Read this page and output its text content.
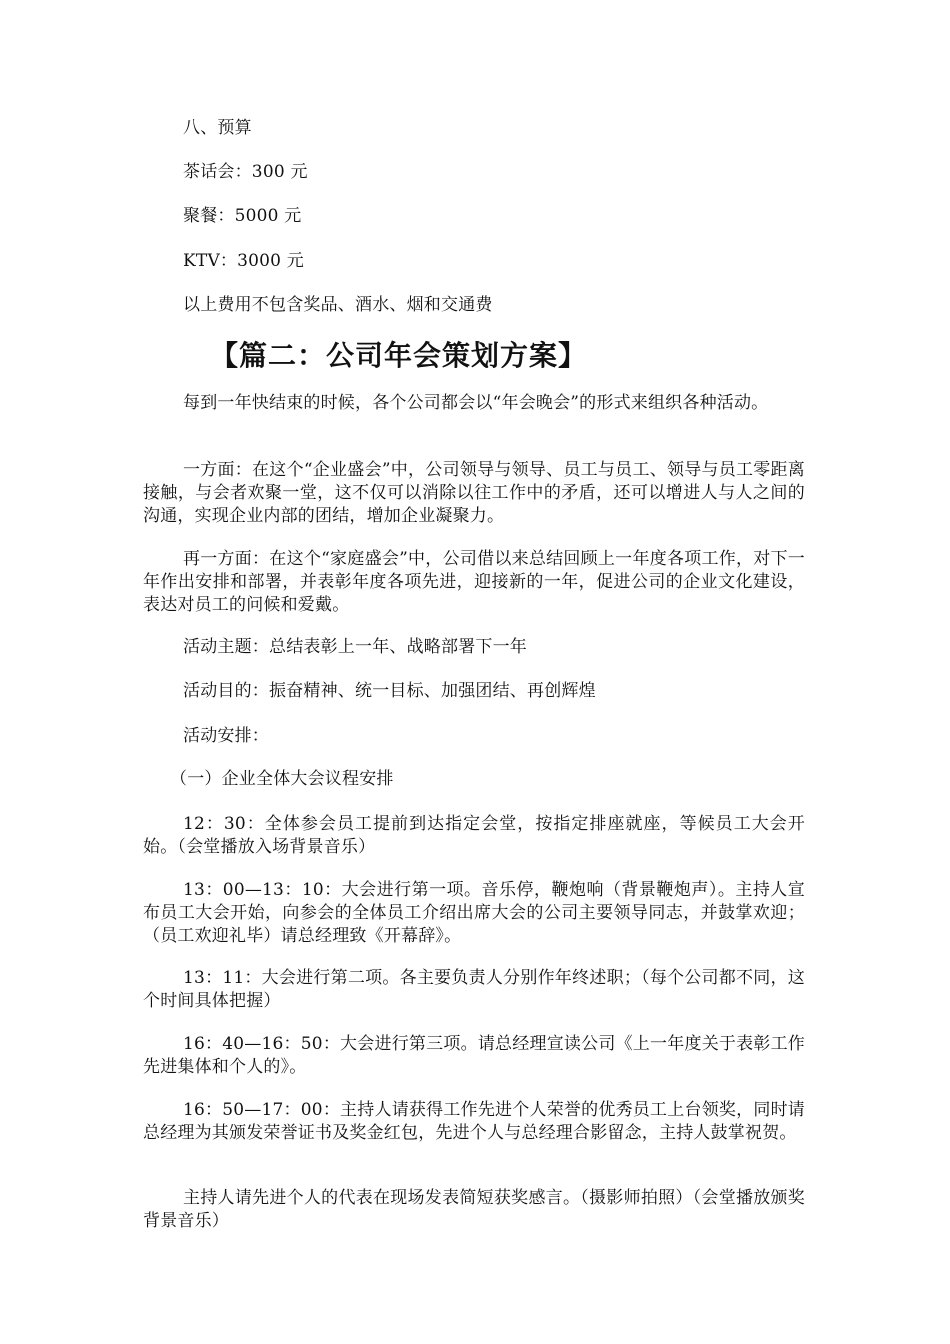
八、预算
茶话会：300 元
聚餐：5000 元
KTV：3000 元
以上费用不包含奖品、酒水、烟和交通费
【篇二：公司年会策划方案】
每到一年快结束的时候，各个公司都会以“年会晚会”的形式来组织各种活动。
一方面：在这个“企业盛会”中，公司领导与领导、员工与员工、领导与员工零距离接触，与会者欢聚一堂，这不仅可以消除以往工作中的矛盾，还可以增进人与人之间的沟通，实现企业内部的团结，增加企业凝聚力。
再一方面：在这个“家庭盛会”中，公司借以来总结回顾上一年度各项工作，对下一年作出安排和部署，并表彰年度各项先进，迎接新的一年，促进公司的企业文化建设，表达对员工的问候和爱戴。
活动主题：总结表彰上一年、战略部署下一年
活动目的：振奋精神、统一目标、加强团结、再创辉煌
活动安排：
（一）企业全体大会议程安排
12：30：全体参会员工提前到达指定会堂，按指定排座就座，等候员工大会开始。（会堂播放入场背景音乐）
13：00—13：10：大会进行第一项。音乐停，鞭炮响（背景鞭炮声）。主持人宣布员工大会开始，向参会的全体员工介绍出席大会的公司主要领导同志，并鼓掌欢迎；（员工欢迎礼毕）请总经理致《开幕辞》。
13：11：大会进行第二项。各主要负责人分别作年终述职；（每个公司都不同，这个时间具体把握）
16：40—16：50：大会进行第三项。请总经理宣读公司《上一年度关于表彰工作先进集体和个人的》。
16：50—17：00：主持人请获得工作先进个人荣誉的优秀员工上台领奖，同时请总经理为其颁发荣誉证书及奖金红包，先进个人与总经理合影留念，主持人鼓掌祝贺。
主持人请先进个人的代表在现场发表简短获奖感言。（摄影师拍照）（会堂播放颁奖背景音乐）
